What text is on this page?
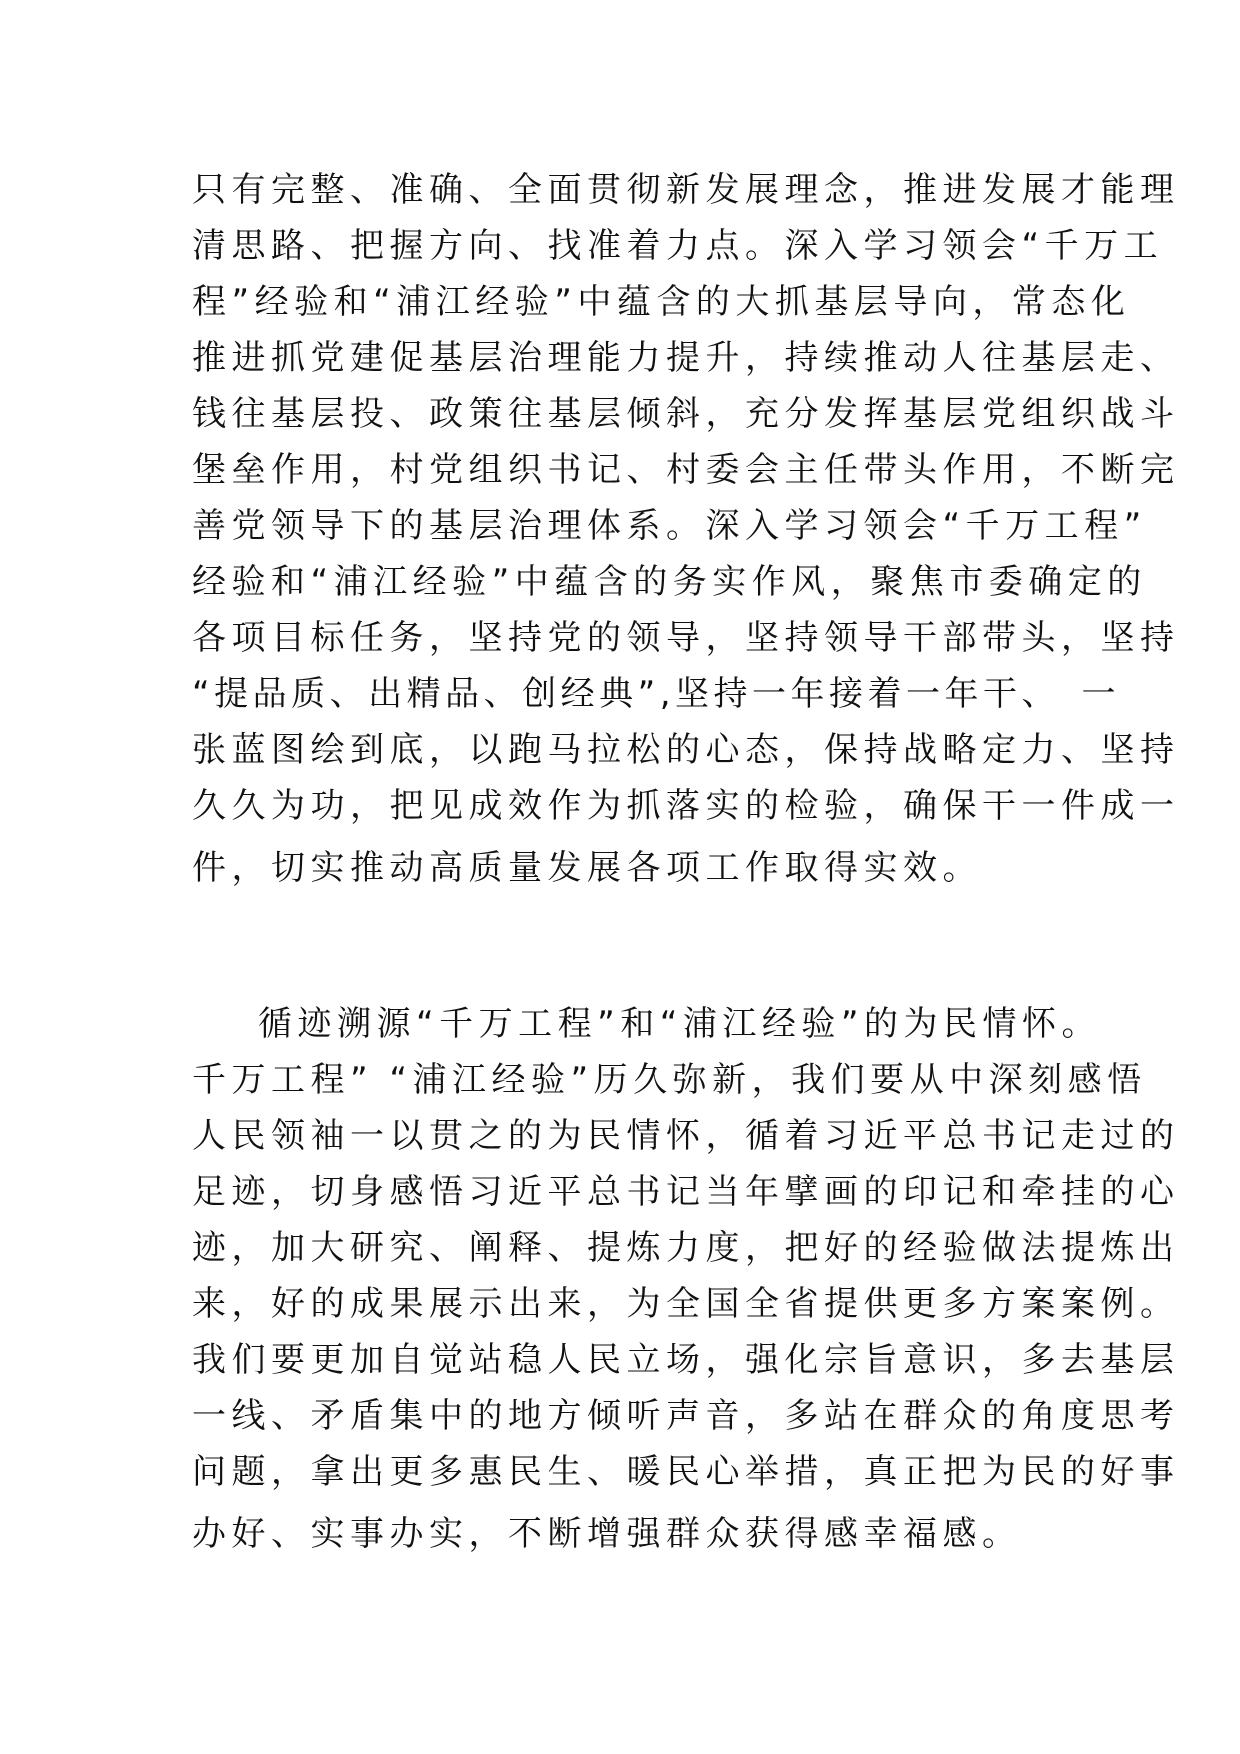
只有完整、准确、全面贯彻新发展理念，推进发展才能理

清思路、把握方向、找准着力点。深入学习领会“千万工

程”经验和“浦江经验”中蕴含的大抓基层导向，常态化

推进抓党建促基层治理能力提升，持续推动人往基层走、

钱往基层投、政策往基层倾斜，充分发挥基层党组织战斗

堡垒作用，村党组织书记、村委会主任带头作用，不断完

善党领导下的基层治理体系。深入学习领会“千万工程”

经验和“浦江经验”中蕴含的务实作风，聚焦市委确定的

各项目标任务，坚持党的领导，坚持领导干部带头，坚持

“提品质、出精品、创经典”,坚持一年接着一年干、　一

张蓝图绘到底，以跑马拉松的心态，保持战略定力、坚持

久久为功，把见成效作为抓落实的检验，确保干一件成一

件，切实推动高质量发展各项工作取得实效。

循迹溯源“千万工程”和“浦江经验”的为民情怀。

千万工程” “浦江经验”历久弥新，我们要从中深刻感悟

人民领袖一以贯之的为民情怀，循着习近平总书记走过的

足迹，切身感悟习近平总书记当年擘画的印记和牵挂的心

迹，加大研究、阐释、提炼力度，把好的经验做法提炼出

来，好的成果展示出来，为全国全省提供更多方案案例。

我们要更加自觉站稳人民立场，强化宗旨意识，多去基层

一线、矛盾集中的地方倾听声音，多站在群众的角度思考

问题，拿出更多惠民生、暖民心举措，真正把为民的好事

办好、实事办实，不断增强群众获得感幸福感。
